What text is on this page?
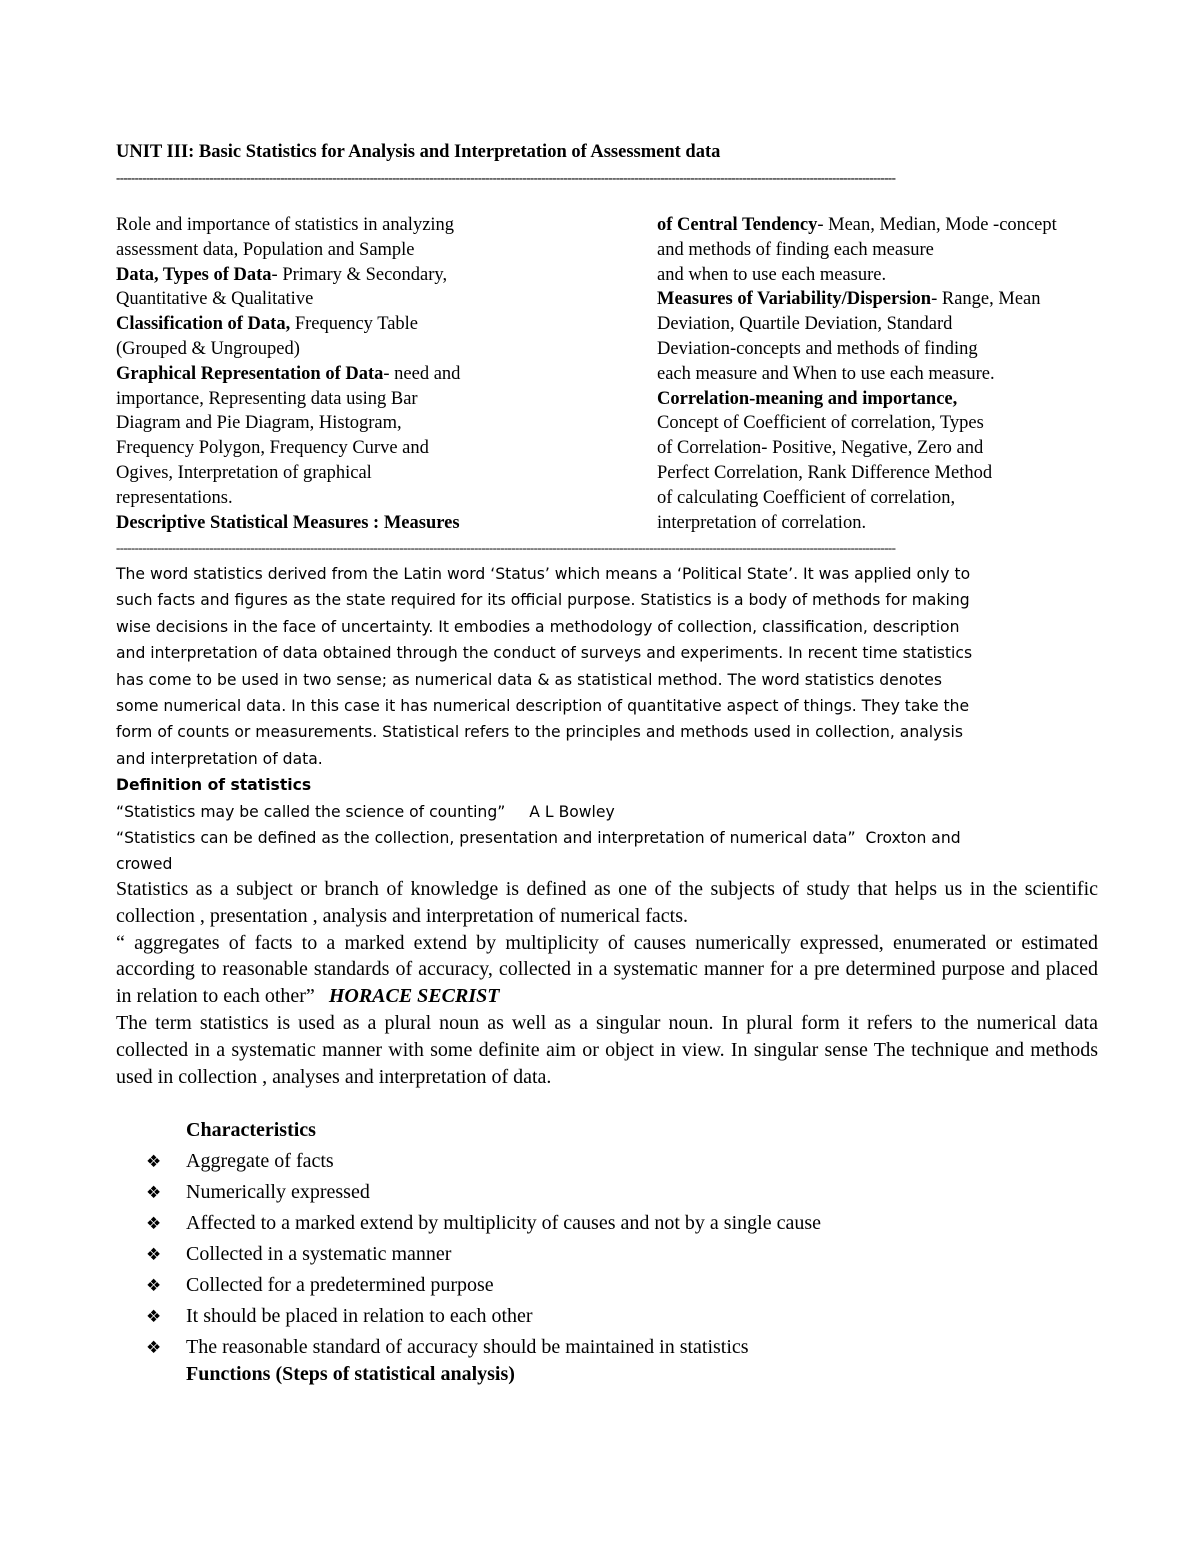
UNIT III: Basic Statistics for Analysis and Interpretation of Assessment data
-----------------------------------------------------------------------------------------------------------------------------------------------------------------------------------------------------------------
Role and importance of statistics in analyzing
assessment data, Population and Sample
Data, Types of Data- Primary & Secondary,
Quantitative & Qualitative
Classification of Data, Frequency Table
(Grouped & Ungrouped)
Graphical Representation of Data- need and
importance, Representing data using Bar
Diagram and Pie Diagram, Histogram,
Frequency Polygon, Frequency Curve and
Ogives, Interpretation of graphical
representations.
Descriptive Statistical Measures : Measures
of Central Tendency- Mean, Median, Mode -concept
and methods of finding each measure
and when to use each measure.
Measures of Variability/Dispersion- Range, Mean
Deviation, Quartile Deviation, Standard
Deviation-concepts and methods of finding
each measure and When to use each measure.
Correlation-meaning and importance,
Concept of Coefficient of correlation, Types
of Correlation- Positive, Negative, Zero and
Perfect Correlation, Rank Difference Method
of calculating Coefficient of correlation,
interpretation of correlation.
-----------------------------------------------------------------------------------------------------------------------------------------------------------------------------------------------------------------
The word statistics derived from the Latin word ‘Status’ which means a ‘Political State’. It was applied only to
such facts and figures as the state required for its official purpose. Statistics is a body of methods for making
wise decisions in the face of uncertainty. It embodies a methodology of collection, classification, description
and interpretation of data obtained through the conduct of surveys and experiments. In recent time statistics
has come to be used in two sense; as numerical data & as statistical method. The word statistics denotes
some numerical data. In this case it has numerical description of quantitative aspect of things. They take the
form of counts or measurements. Statistical refers to the principles and methods used in collection, analysis
and interpretation of data.
Definition of statistics
“Statistics may be called the science of counting” A L Bowley
“Statistics can be defined as the collection, presentation and interpretation of numerical data” Croxton and
crowed

Statistics as a subject or branch of knowledge is defined as one of the subjects of study that helps us in the scientific collection , presentation , analysis and interpretation of numerical facts.

“ aggregates of facts to a marked extend by multiplicity of causes numerically expressed, enumerated or estimated according to reasonable standards of accuracy, collected in a systematic manner for a pre determined purpose and placed in relation to each other” HORACE SECRIST

The term statistics is used as a plural noun as well as a singular noun. In plural form it refers to the numerical data collected in a systematic manner with some definite aim or object in view. In singular sense The technique and methods used in collection , analyses and interpretation of data.

Characteristics
❖ Aggregate of facts
❖ Numerically expressed
❖ Affected to a marked extend by multiplicity of causes and not by a single cause
❖ Collected in a systematic manner
❖ Collected for a predetermined purpose
❖ It should be placed in relation to each other
❖ The reasonable standard of accuracy should be maintained in statistics
Functions (Steps of statistical analysis)
